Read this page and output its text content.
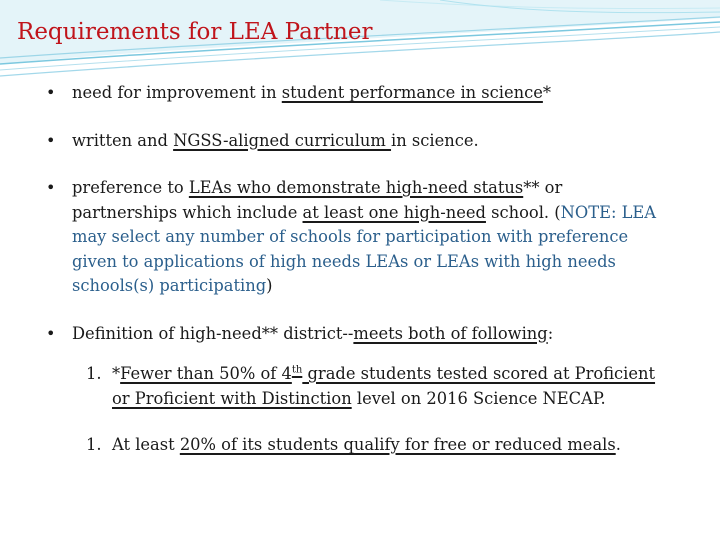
Requirements for LEA Partner
• need for improvement in student performance in science*
• written and NGSS-aligned curriculum in science.
• preference to LEAs who demonstrate high-need status** or partnerships which include at least one high-need school. (NOTE: LEA may select any number of schools for participation with preference given to applications of high needs LEAs or LEAs with high needs schools(s) participating)
• Definition of high-need** district--meets both of following:
1. *Fewer than 50% of 4th grade students tested scored at Proficient or Proficient with Distinction level on 2016 Science NECAP.
1. At least 20% of its students qualify for free or reduced meals.
